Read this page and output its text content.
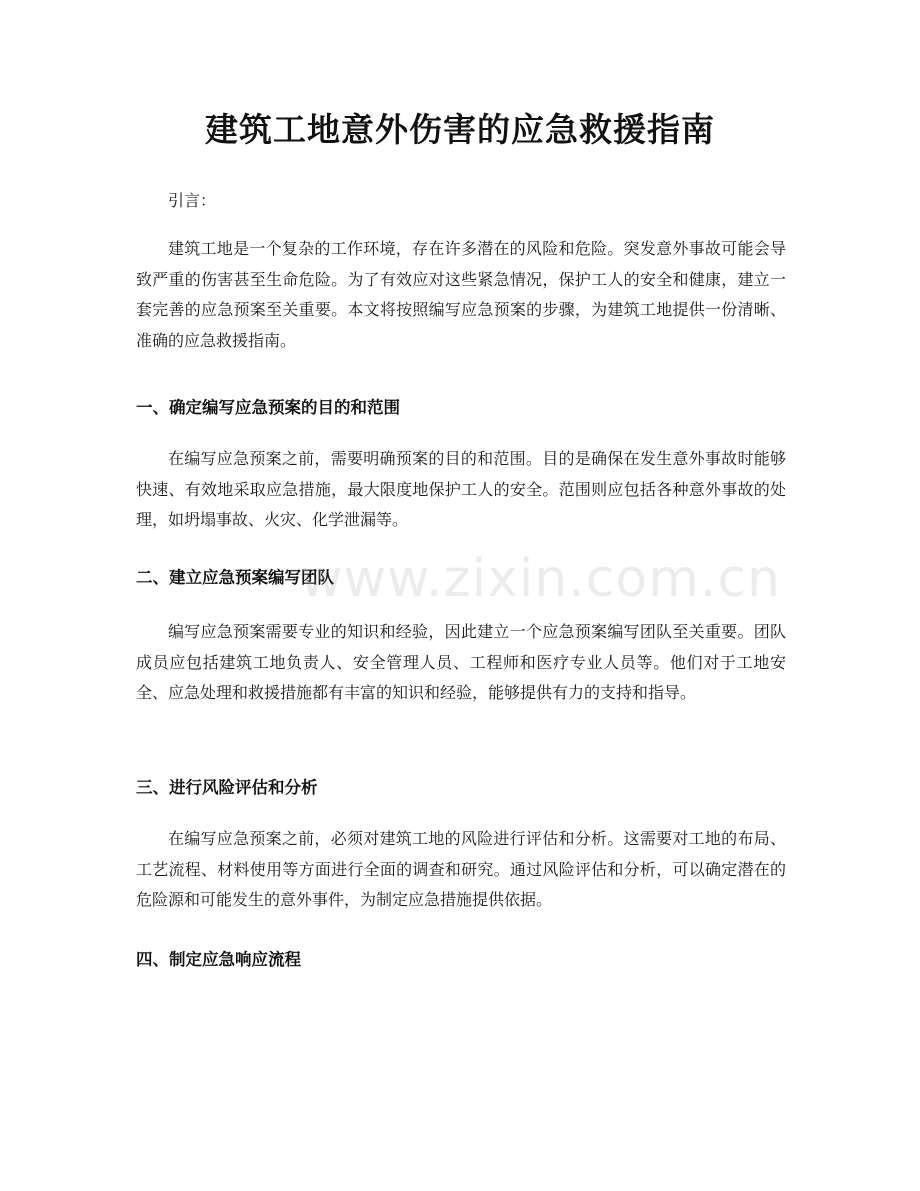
建筑工地意外伤害的应急救援指南

引言：

建筑工地是一个复杂的工作环境，存在许多潜在的风险和危险。突发意外事故可能会导致严重的伤害甚至生命危险。为了有效应对这些紧急情况，保护工人的安全和健康，建立一套完善的应急预案至关重要。本文将按照编写应急预案的步骤，为建筑工地提供一份清晰、准确的应急救援指南。

一、确定编写应急预案的目的和范围

在编写应急预案之前，需要明确预案的目的和范围。目的是确保在发生意外事故时能够快速、有效地采取应急措施，最大限度地保护工人的安全。范围则应包括各种意外事故的处理，如坍塌事故、火灾、化学泄漏等。

二、建立应急预案编写团队

编写应急预案需要专业的知识和经验，因此建立一个应急预案编写团队至关重要。团队成员应包括建筑工地负责人、安全管理人员、工程师和医疗专业人员等。他们对于工地安全、应急处理和救援措施都有丰富的知识和经验，能够提供有力的支持和指导。

三、进行风险评估和分析

在编写应急预案之前，必须对建筑工地的风险进行评估和分析。这需要对工地的布局、工艺流程、材料使用等方面进行全面的调查和研究。通过风险评估和分析，可以确定潜在的危险源和可能发生的意外事件，为制定应急措施提供依据。

四、制定应急响应流程
www.zixin.com.cn
